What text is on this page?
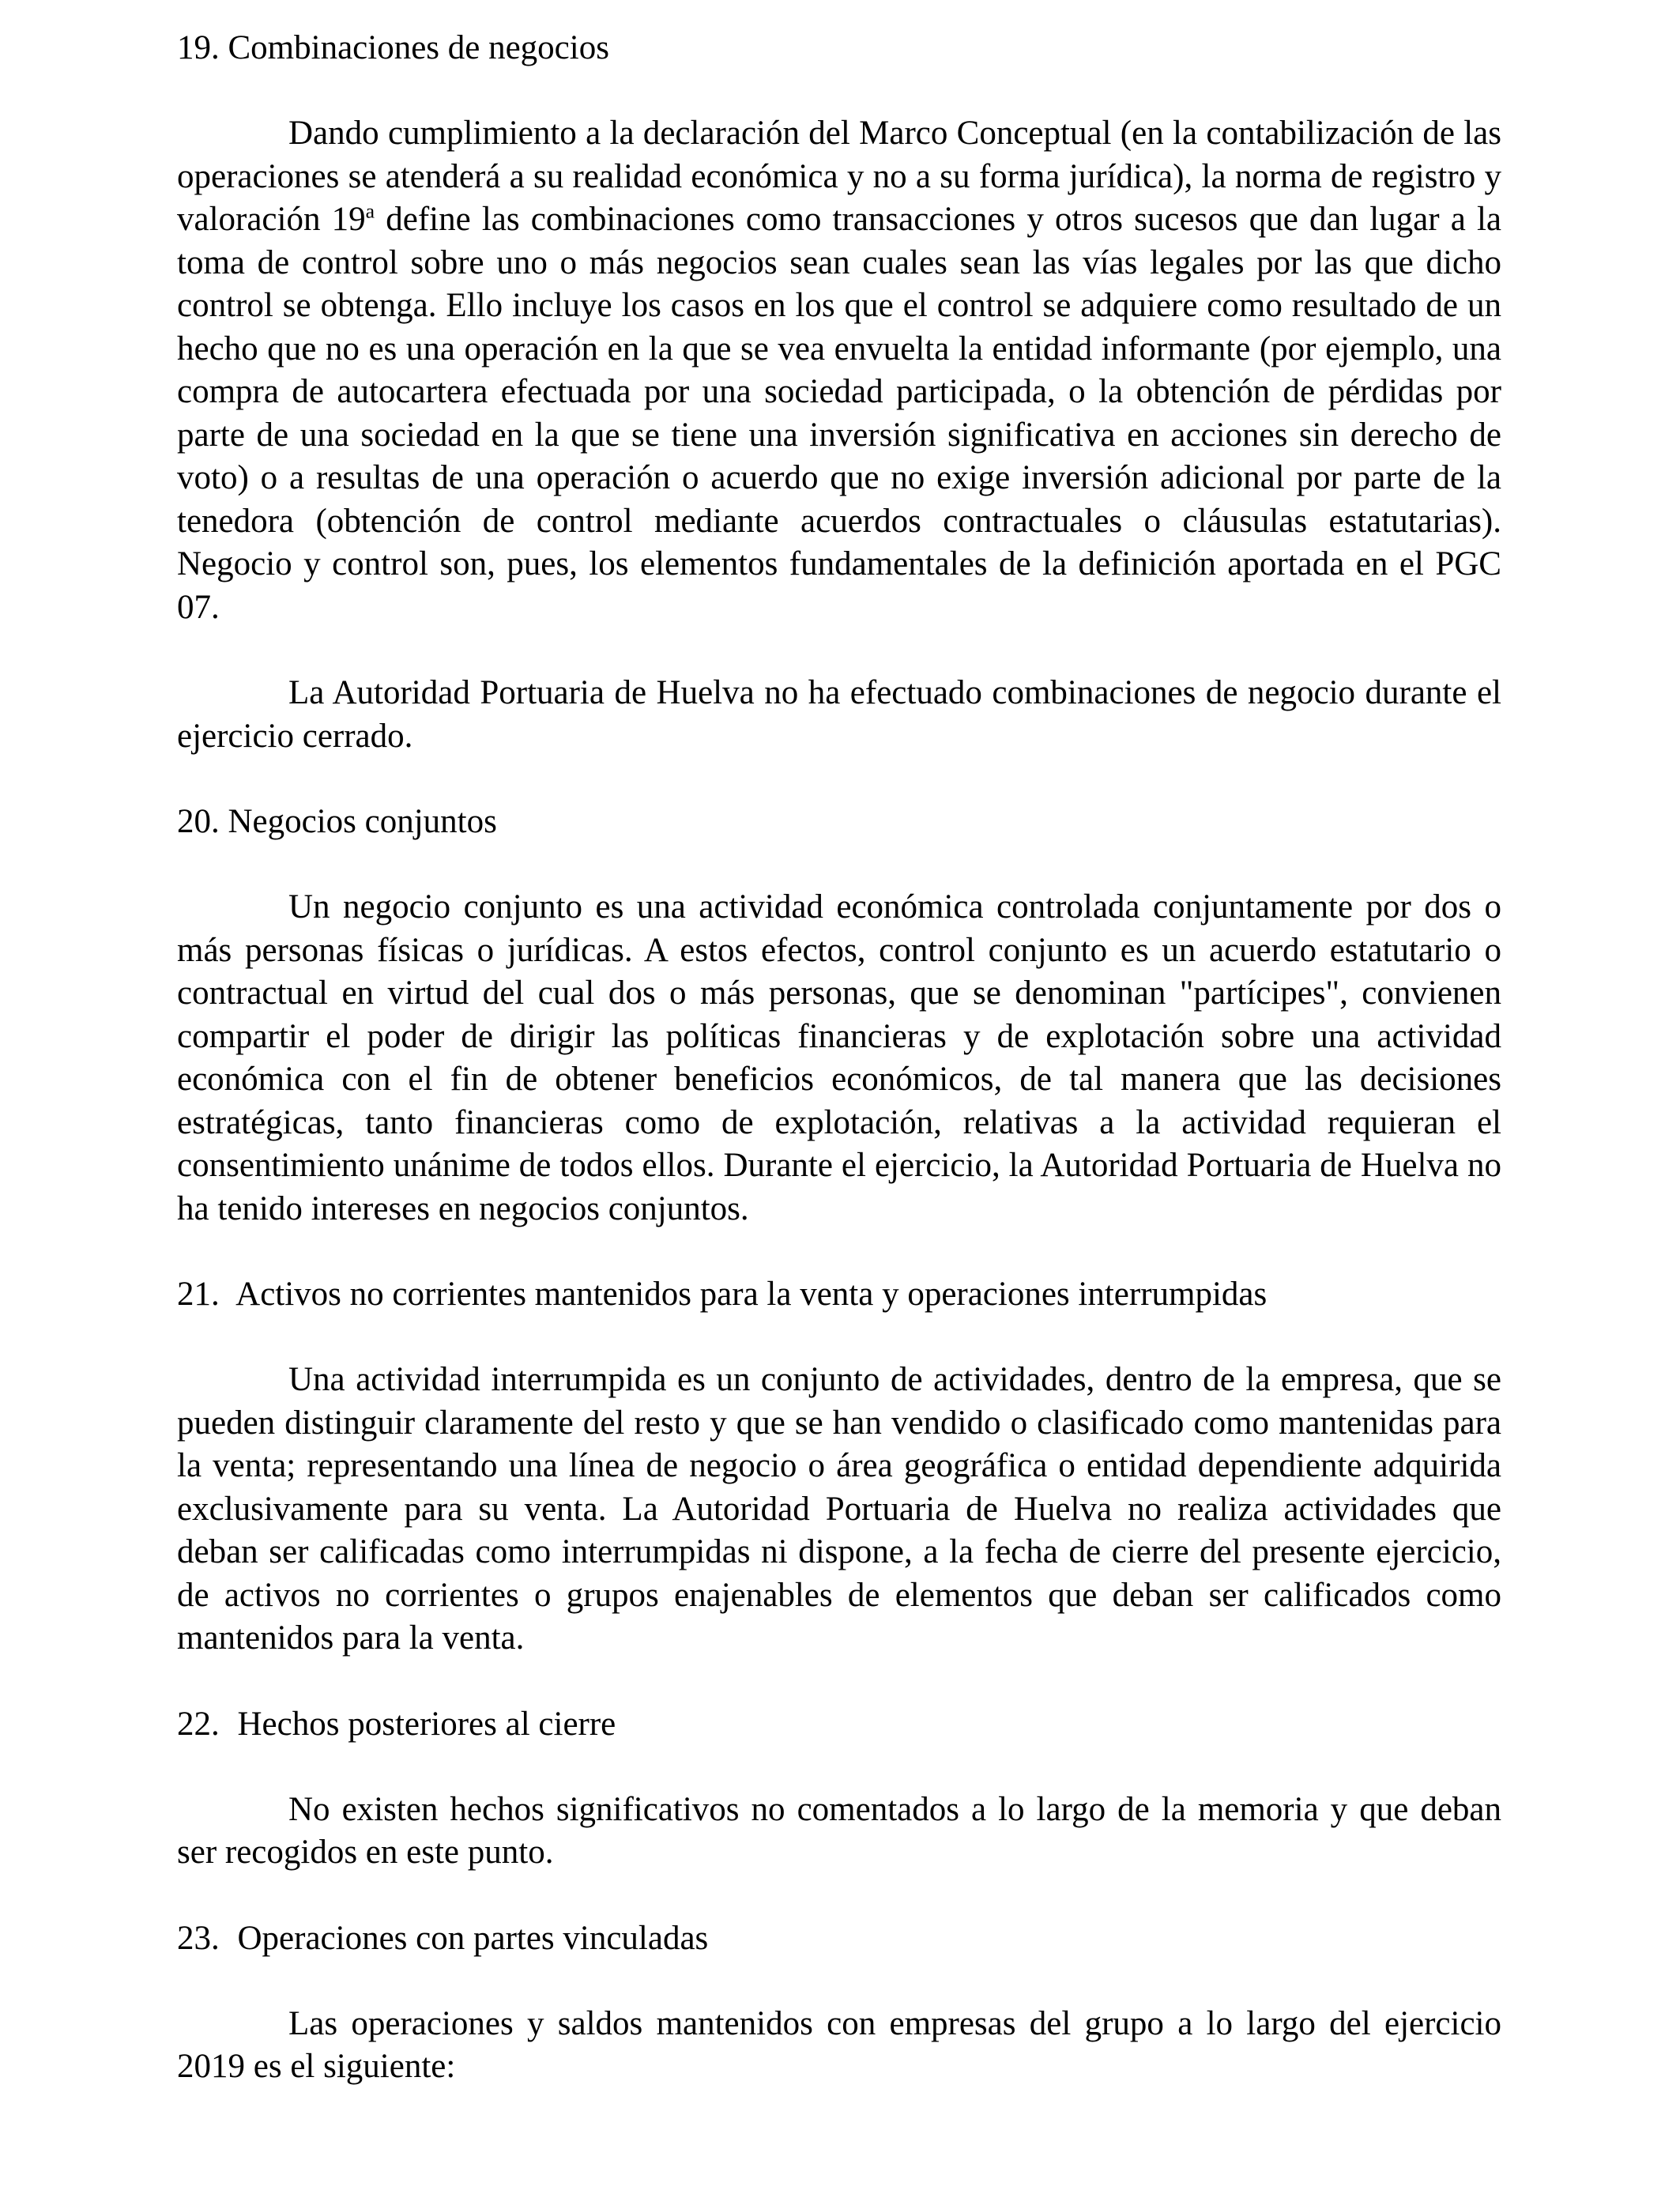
19. Combinaciones de negocios

Dando cumplimiento a la declaración del Marco Conceptual (en la contabilización de las operaciones se atenderá a su realidad económica y no a su forma jurídica), la norma de registro y valoración 19$^a$ define las combinaciones como transacciones y otros sucesos que dan lugar a la toma de control sobre uno o más negocios sean cuales sean las vías legales por las que dicho control se obtenga. Ello incluye los casos en los que el control se adquiere como resultado de un hecho que no es una operación en la que se vea envuelta la entidad informante (por ejemplo, una compra de autocartera efectuada por una sociedad participada, o la obtención de pérdidas por parte de una sociedad en la que se tiene una inversión significativa en acciones sin derecho de voto) o a resultas de una operación o acuerdo que no exige inversión adicional por parte de la tenedora (obtención de control mediante acuerdos contractuales o cláusulas estatutarias). Negocio y control son, pues, los elementos fundamentales de la definición aportada en el PGC 07.

La Autoridad Portuaria de Huelva no ha efectuado combinaciones de negocio durante el ejercicio cerrado.

20. Negocios conjuntos

Un negocio conjunto es una actividad económica controlada conjuntamente por dos o más personas físicas o jurídicas. A estos efectos, control conjunto es un acuerdo estatutario o contractual en virtud del cual dos o más personas, que se denominan "partícipes", convienen compartir el poder de dirigir las políticas financieras y de explotación sobre una actividad económica con el fin de obtener beneficios económicos, de tal manera que las decisiones estratégicas, tanto financieras como de explotación, relativas a la actividad requieran el consentimiento unánime de todos ellos. Durante el ejercicio, la Autoridad Portuaria de Huelva no ha tenido intereses en negocios conjuntos.

21. Activos no corrientes mantenidos para la venta y operaciones interrumpidas

Una actividad interrumpida es un conjunto de actividades, dentro de la empresa, que se pueden distinguir claramente del resto y que se han vendido o clasificado como mantenidas para la venta; representando una línea de negocio o área geográfica o entidad dependiente adquirida exclusivamente para su venta. La Autoridad Portuaria de Huelva no realiza actividades que deban ser calificadas como interrumpidas ni dispone, a la fecha de cierre del presente ejercicio, de activos no corrientes o grupos enajenables de elementos que deban ser calificados como mantenidos para la venta.

22. Hechos posteriores al cierre

No existen hechos significativos no comentados a lo largo de la memoria y que deban ser recogidos en este punto.

23. Operaciones con partes vinculadas

Las operaciones y saldos mantenidos con empresas del grupo a lo largo del ejercicio 2019 es el siguiente:
